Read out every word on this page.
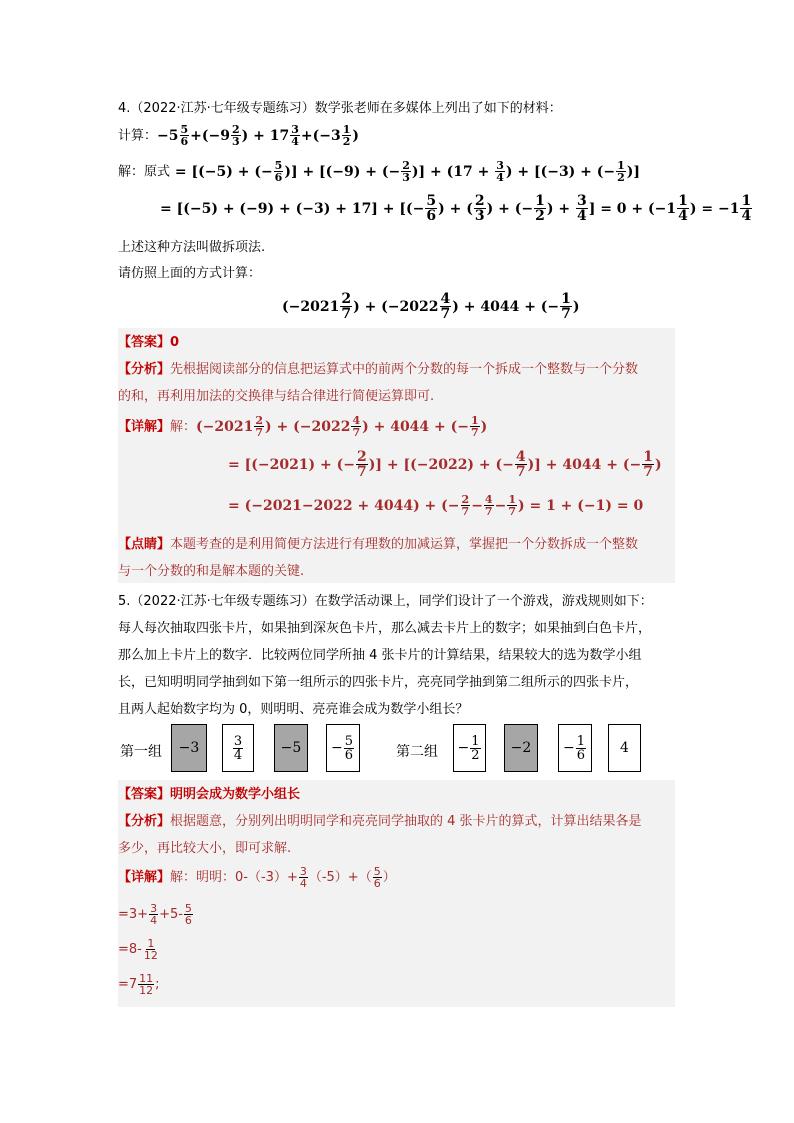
4.（2022·江苏·七年级专题练习）数学张老师在多媒体上列出了如下的材料：
计算：$-5 \frac{5}{6} +(-9 \frac{2}{3}$ ) + $17 \frac{3}{4} +(-3 \frac{1}{2}$ )
解：原式 = [(−5) + (− $\frac{5}{6}$ )] + [(−9) + (− $\frac{2}{3}$ )] + ($17 + \frac{3}{4}$ ) + [(−3) + (− $\frac{1}{2}$ )]
= [(−5) + (−9) + (−3) + 17] + [(− $\frac{5}{6}$ ) + ( $\frac{2}{3}$ ) + (− $\frac{1}{2}$ ) + $\frac{3}{4}$ ] = $0 + (-1 \frac{1}{4}$ ) = $-1 \frac{1}{4}$
上述这种方法叫做拆项法.
请仿照上面的方式计算：
($-2021 \frac{2}{7}$ ) + ($-2022 \frac{4}{7}$ ) + 4044 + (− $\frac{1}{7}$ )
【答案】0
【分析】先根据阅读部分的信息把运算式中的前两个分数的每一个拆成一个整数与一个分数
的和，再利用加法的交换律与结合律进行简便运算即可.
【详解】解：($-2021 \frac{2}{7}$ ) + ($-2022 \frac{4}{7}$ ) + 4044 + (− $\frac{1}{7}$ )
= [(−2021) + (− $\frac{2}{7}$ )] + [(−2022) + (− $\frac{4}{7}$ )] + 4044 + (− $\frac{1}{7}$ )
= (−2021−2022 + 4044) + (− $\frac{2}{7} - \frac{4}{7} - \frac{1}{7}$ ) = 1 + (−1) = 0
【点睛】本题考查的是利用简便方法进行有理数的加减运算，掌握把一个分数拆成一个整数
与一个分数的和是解本题的关键.
5.（2022·江苏·七年级专题练习）在数学活动课上，同学们设计了一个游戏，游戏规则如下：
每人每次抽取四张卡片，如果抽到深灰色卡片，那么减去卡片上的数字；如果抽到白色卡片，
那么加上卡片上的数字．比较两位同学所抽 4 张卡片的计算结果，结果较大的选为数学小组
长，已知明明同学抽到如下第一组所示的四张卡片，亮亮同学抽到第二组所示的四张卡片，
且两人起始数字均为 0，则明明、亮亮谁会成为数学小组长？
第一组 −3	$\frac{3}{4}$	$-5 - \frac{5}{6}$	第二组 − $\frac{1}{2} -2 - \frac{1}{6} 4$
【答案】明明会成为数学小组长
【分析】根据题意，分别列出明明同学和亮亮同学抽取的 4 张卡片的算式，计算出结果各是
多少，再比较大小，即可求解.
【详解】解：明明：$0-(-3)+ \frac{3}{4} (-5)+( \frac{5}{6}$ ）
$=3+ \frac{3}{4} +5- \frac{5}{6}$
$=8- \frac{1}{12}$
$=7 \frac{11}{12}$ ;
